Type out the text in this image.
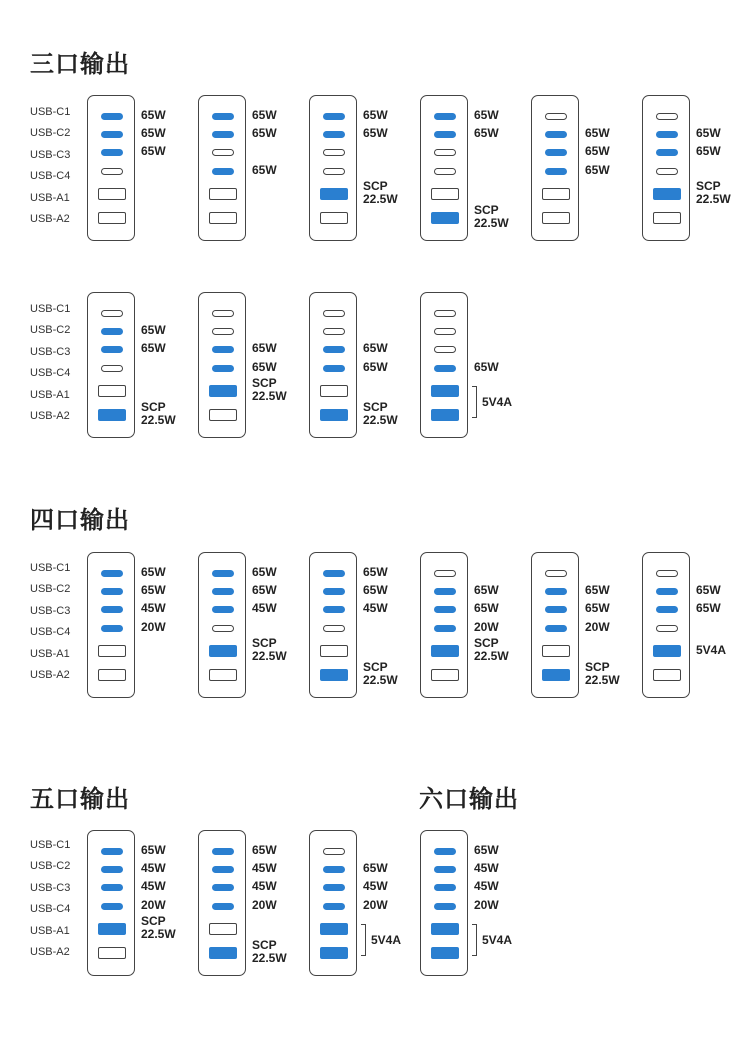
三口输出
四口输出
五口输出	六口输出
USB-C1
USB-C2
USB-C3
USB-C4
USB-A1
USB-A2
USB-C1
USB-C2
USB-C3
USB-C4
USB-A1
USB-A2
USB-C1
USB-C2
USB-C3
USB-C4
USB-A1
USB-A2
USB-C1
USB-C2
USB-C3
USB-C4
USB-A1
USB-A2
65W
65W
65W
65W
65W
65W
65W
65W
SCP
22.5W
65W
65W
SCP
22.5W
65W
65W
65W
65W
65W
SCP
22.5W
65W
65W
SCP
22.5W
65W
65W
SCP
22.5W
65W
65W
SCP
22.5W
65W
5V4A
65W
65W
45W
20W
65W
65W
45W
SCP
22.5W
65W
65W
45W
SCP
22.5W
65W
65W
20W
SCP
22.5W
65W
65W
20W
SCP
22.5W
65W
65W
5V4A
65W
45W
45W
20W
SCP
22.5W
65W
45W
45W
20W
SCP
22.5W
65W
45W
20W
5V4A
65W
45W
45W
20W
5V4A
